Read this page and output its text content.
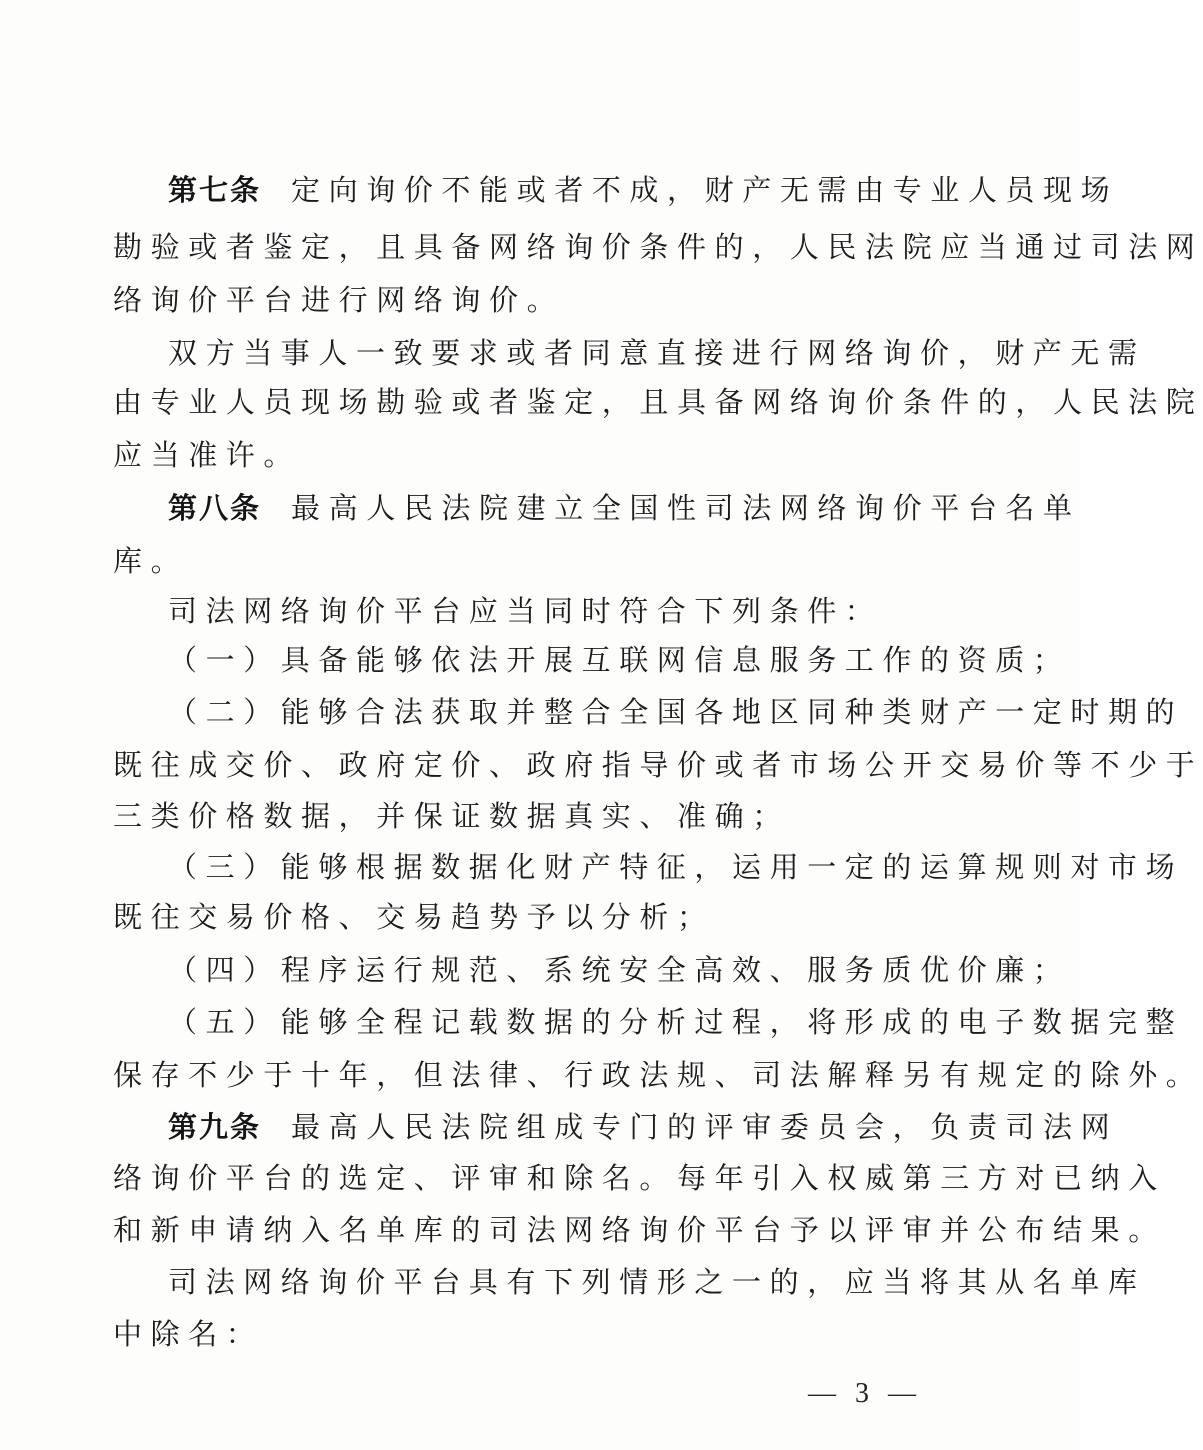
第七条 定向询价不能或者不成，财产无需由专业人员现场
勘验或者鉴定，且具备网络询价条件的，人民法院应当通过司法网
络询价平台进行网络询价。
双方当事人一致要求或者同意直接进行网络询价，财产无需
由专业人员现场勘验或者鉴定，且具备网络询价条件的，人民法院
应当准许。
第八条 最高人民法院建立全国性司法网络询价平台名单
库。
司法网络询价平台应当同时符合下列条件：
（一）具备能够依法开展互联网信息服务工作的资质；
（二）能够合法获取并整合全国各地区同种类财产一定时期的
既往成交价、政府定价、政府指导价或者市场公开交易价等不少于
三类价格数据，并保证数据真实、准确；
（三）能够根据数据化财产特征，运用一定的运算规则对市场
既往交易价格、交易趋势予以分析；
（四）程序运行规范、系统安全高效、服务质优价廉；
（五）能够全程记载数据的分析过程，将形成的电子数据完整
保存不少于十年，但法律、行政法规、司法解释另有规定的除外。
第九条 最高人民法院组成专门的评审委员会，负责司法网
络询价平台的选定、评审和除名。每年引入权威第三方对已纳入
和新申请纳入名单库的司法网络询价平台予以评审并公布结果。
司法网络询价平台具有下列情形之一的，应当将其从名单库
中除名：
— 3 —
